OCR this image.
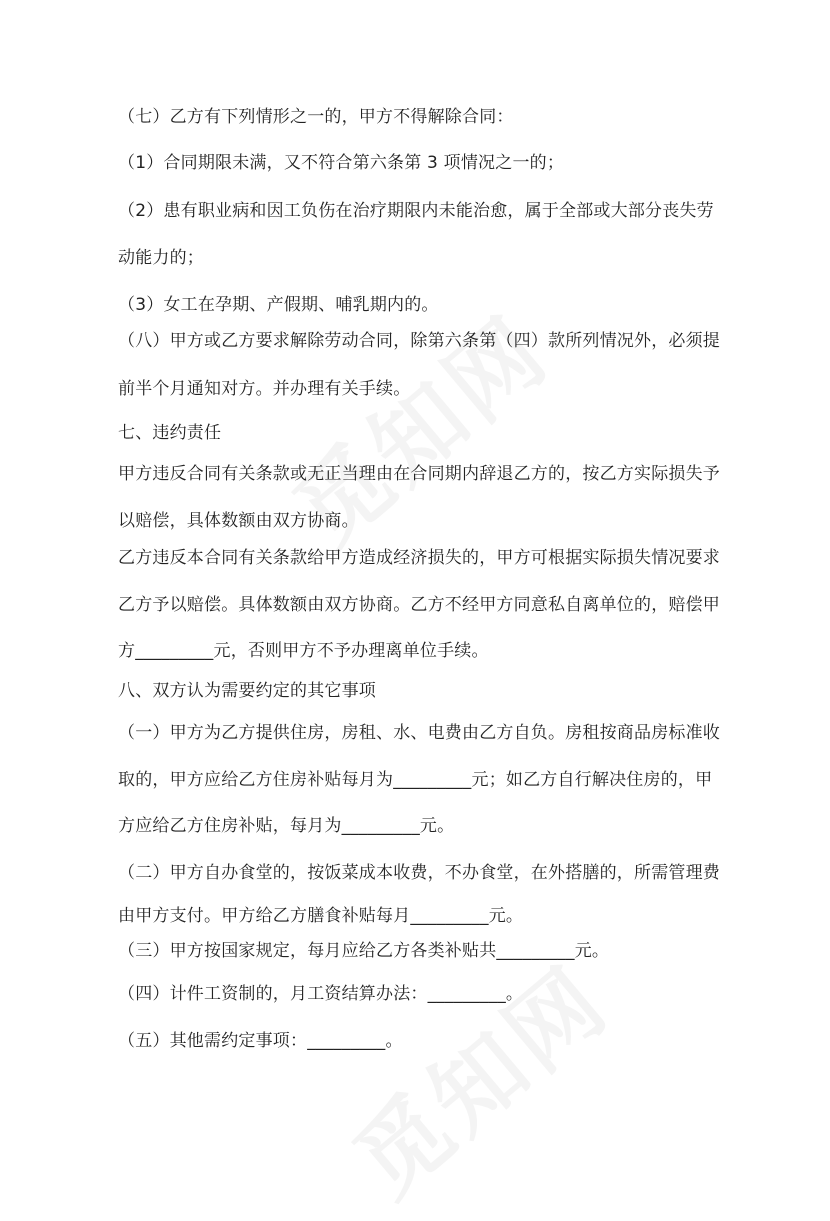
（七）乙方有下列情形之一的，甲方不得解除合同：

（1）合同期限未满，又不符合第六条第 3 项情况之一的；

（2）患有职业病和因工负伤在治疗期限内未能治愈，属于全部或大部分丧失劳

动能力的；

（3）女工在孕期、产假期、哺乳期内的。

（八）甲方或乙方要求解除劳动合同，除第六条第（四）款所列情况外，必须提

前半个月通知对方。并办理有关手续。

七、违约责任

甲方违反合同有关条款或无正当理由在合同期内辞退乙方的，按乙方实际损失予

以赔偿，具体数额由双方协商。

乙方违反本合同有关条款给甲方造成经济损失的，甲方可根据实际损失情况要求

乙方予以赔偿。具体数额由双方协商。乙方不经甲方同意私自离单位的，赔偿甲

方_________元，否则甲方不予办理离单位手续。

八、双方认为需要约定的其它事项

（一）甲方为乙方提供住房，房租、水、电费由乙方自负。房租按商品房标准收

取的，甲方应给乙方住房补贴每月为_________元；如乙方自行解决住房的，甲

方应给乙方住房补贴，每月为_________元。

（二）甲方自办食堂的，按饭菜成本收费，不办食堂，在外搭膳的，所需管理费

由甲方支付。甲方给乙方膳食补贴每月_________元。

（三）甲方按国家规定，每月应给乙方各类补贴共_________元。

（四）计件工资制的，月工资结算办法：_________。

（五）其他需约定事项：_________。
